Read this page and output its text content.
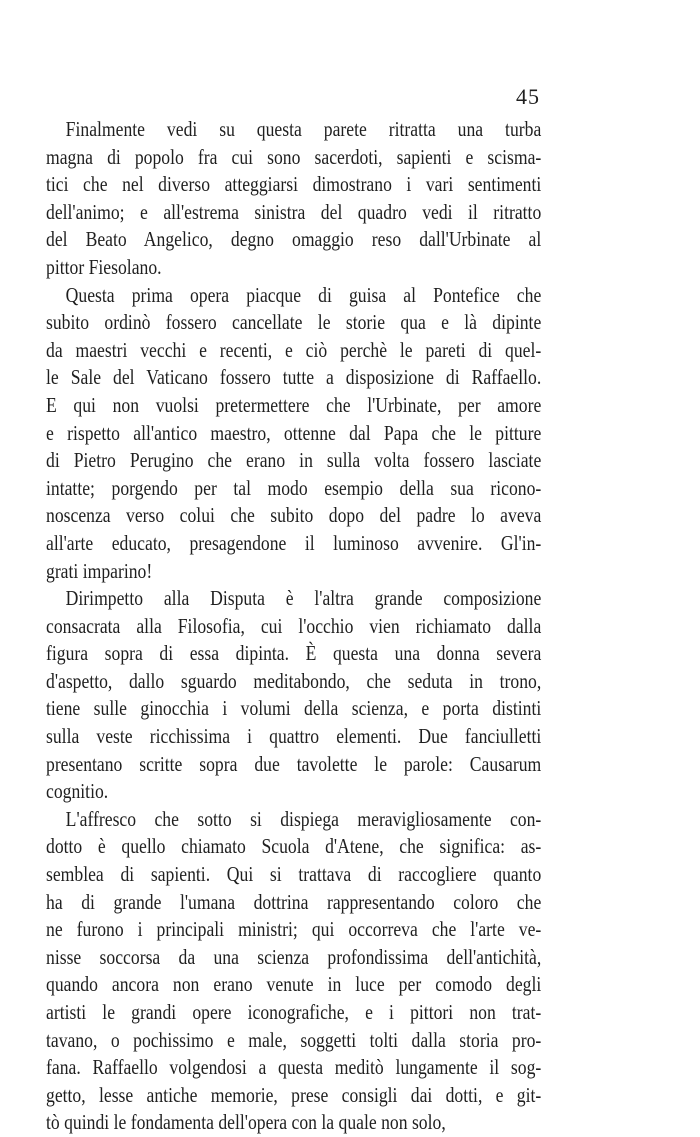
45
Finalmente vedi su questa parete ritratta una turba
magna di popolo fra cui sono sacerdoti, sapienti e scisma-
tici che nel diverso atteggiarsi dimostrano i vari sentimenti
dell'animo; e all'estrema sinistra del quadro vedi il ritratto
del Beato Angelico, degno omaggio reso dall'Urbinate al
pittor Fiesolano.
Questa prima opera piacque di guisa al Pontefice che
subito ordinò fossero cancellate le storie qua e là dipinte
da maestri vecchi e recenti, e ciò perchè le pareti di quel-
le Sale del Vaticano fossero tutte a disposizione di Raffaello.
E qui non vuolsi pretermettere che l'Urbinate, per amore
e rispetto all'antico maestro, ottenne dal Papa che le pitture
di Pietro Perugino che erano in sulla volta fossero lasciate
intatte; porgendo per tal modo esempio della sua ricono-
noscenza verso colui che subito dopo del padre lo aveva
all'arte educato, presagendone il luminoso avvenire. Gl'in-
grati imparino!
Dirimpetto alla Disputa è l'altra grande composizione
consacrata alla Filosofia, cui l'occhio vien richiamato dalla
figura sopra di essa dipinta. È questa una donna severa
d'aspetto, dallo sguardo meditabondo, che seduta in trono,
tiene sulle ginocchia i volumi della scienza, e porta distinti
sulla veste ricchissima i quattro elementi. Due fanciulletti
presentano scritte sopra due tavolette le parole: Causarum
cognitio.
L'affresco che sotto si dispiega meravigliosamente con-
dotto è quello chiamato Scuola d'Atene, che significa: as-
semblea di sapienti. Qui si trattava di raccogliere quanto
ha di grande l'umana dottrina rappresentando coloro che
ne furono i principali ministri; qui occorreva che l'arte ve-
nisse soccorsa da una scienza profondissima dell'antichità,
quando ancora non erano venute in luce per comodo degli
artisti le grandi opere iconografiche, e i pittori non trat-
tavano, o pochissimo e male, soggetti tolti dalla storia pro-
fana. Raffaello volgendosi a questa meditò lungamente il sog-
getto, lesse antiche memorie, prese consigli dai dotti, e git-
tò quindi le fondamenta dell'opera con la quale non solo,
